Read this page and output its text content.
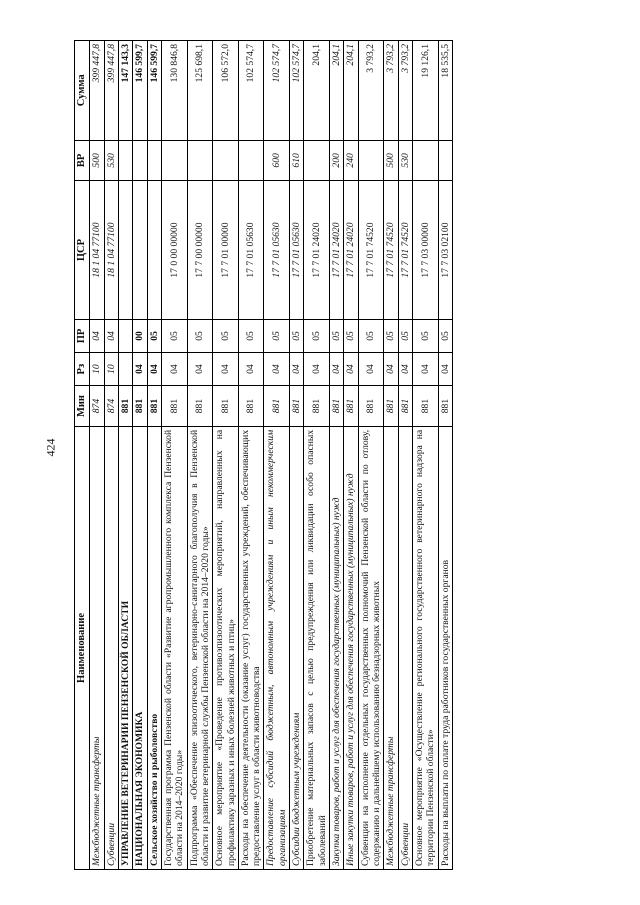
424
Наименование	Мин	Рз	ПР	ЦСР	ВР	Сумма
Межбюджетные трансферты	874	10	04	18 1 04 77100	500	399 447,8
Субвенции	874	10	04	18 1 04 77100	530	399 447,8
УПРАВЛЕНИЕ ВЕТЕРИНАРИИ ПЕНЗЕНСКОЙ ОБЛАСТИ	881					147 143,3
НАЦИОНАЛЬНАЯ ЭКОНОМИКА	881	04	00			146 599,7
Сельское хозяйство и рыболовство	881	04	05			146 599,7
Государственная программа Пензенской области «Развитие агропромышленного комплекса Пензенской области на 2014–2020 годы»	881	04	05	17 0 00 00000		130 846,8
Подпрограмма «Обеспечение эпизоотического, ветеринарно-санитарного благополучия в Пензенской области и развитие ветеринарной службы Пензенской области на 2014–2020 годы»	881	04	05	17 7 00 00000		125 698,1
Основное мероприятие «Проведение противоэпизоотических мероприятий, направленных на профилактику заразных и иных болезней животных и птиц»	881	04	05	17 7 01 00000		106 572,0
Расходы на обеспечение деятельности (оказание услуг) государственных учреждений, обеспечивающих предоставление услуг в области животноводства	881	04	05	17 7 01 05630		102 574,7
Предоставление субсидий бюджетным, автономным учреждениям и иным некоммерческим организациям	881	04	05	17 7 01 05630	600	102 574,7
Субсидии бюджетным учреждениям	881	04	05	17 7 01 05630	610	102 574,7
Приобретение материальных запасов с целью предупреждения или ликвидации особо опасных заболеваний	881	04	05	17 7 01 24020		204,1
Закупка товаров, работ и услуг для обеспечения государственных (муниципальных) нужд	881	04	05	17 7 01 24020	200	204,1
Иные закупки товаров, работ и услуг для обеспечения государственных (муниципальных) нужд	881	04	05	17 7 01 24020	240	204,1
Субвенции на исполнение отдельных государственных полномочий Пензенской области по отлову, содержанию и дальнейшему использованию безнадзорных животных	881	04	05	17 7 01 74520		3 793,2
Межбюджетные трансферты	881	04	05	17 7 01 74520	500	3 793,2
Субвенции	881	04	05	17 7 01 74520	530	3 793,2
Основное мероприятие «Осуществление регионального государственного ветеринарного надзора на территории Пензенской области»	881	04	05	17 7 03 00000		19 126,1
Расходы на выплаты по оплате труда работников государственных органов	881	04	05	17 7 03 02100		18 535,5
